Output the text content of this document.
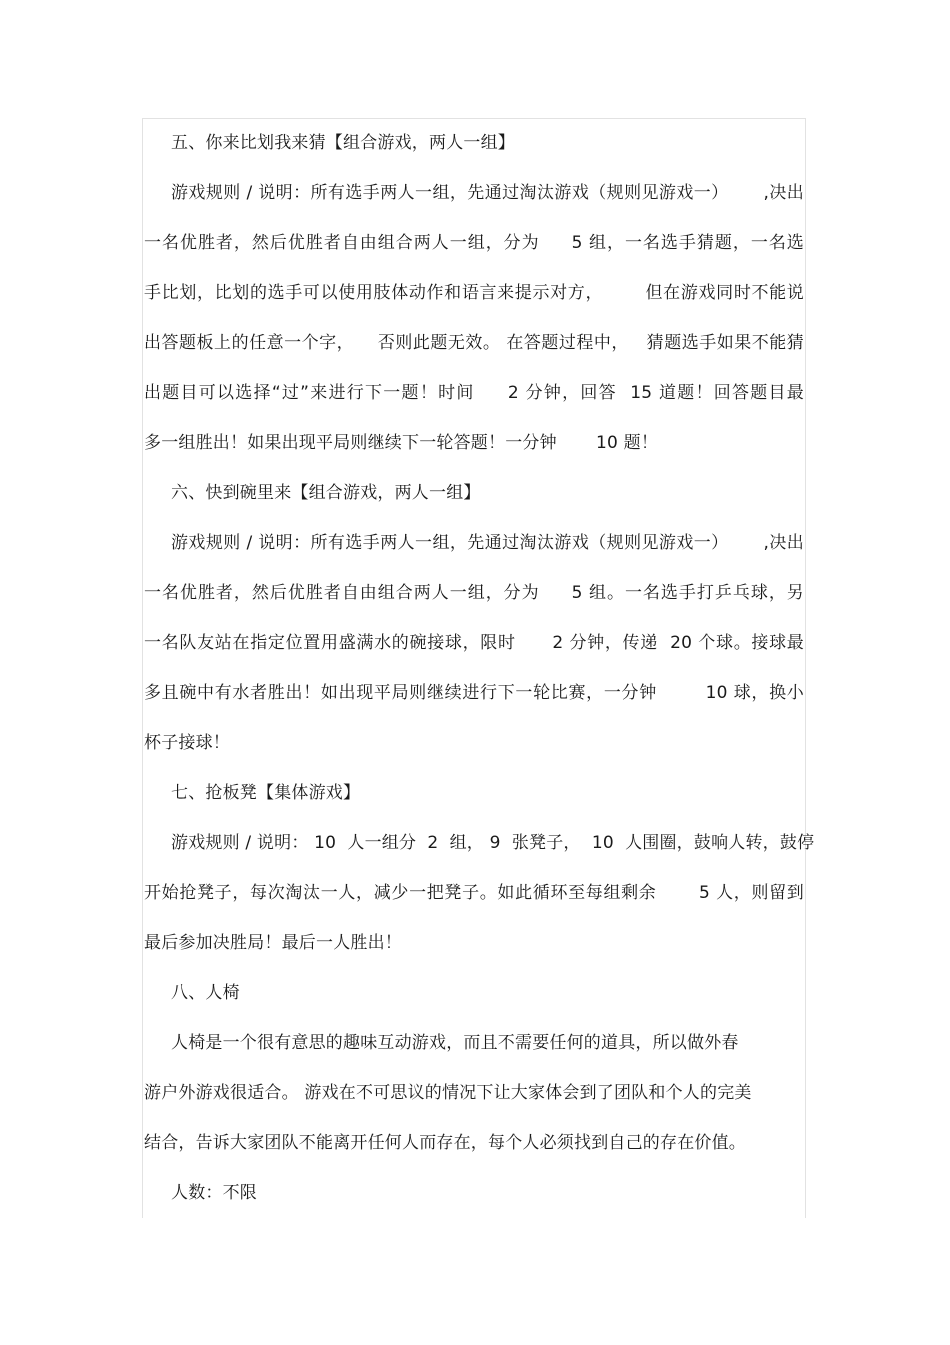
五、你来比划我来猜【组合游戏，两人一组】
游戏规则 / 说明：所有选手两人一组，先通过淘汰游戏（规则见游戏一）      ,决出
一名优胜者，然后优胜者自由组合两人一组，分为     5 组，一名选手猜题，一名选
手比划，比划的选手可以使用肢体动作和语言来提示对方，       但在游戏同时不能说
出答题板上的任意一个字，    否则此题无效。 在答题过程中，   猜题选手如果不能猜
出题目可以选择“过”来进行下一题！时间     2 分钟，回答  15 道题！回答题目最
多一组胜出！如果出现平局则继续下一轮答题！一分钟       10 题！
六、快到碗里来【组合游戏，两人一组】
游戏规则 / 说明：所有选手两人一组，先通过淘汰游戏（规则见游戏一）      ,决出
一名优胜者，然后优胜者自由组合两人一组，分为     5 组。一名选手打乒乓球，另
一名队友站在指定位置用盛满水的碗接球，限时      2 分钟，传递  20 个球。接球最
多且碗中有水者胜出！如出现平局则继续进行下一轮比赛，一分钟        10 球，换小
杯子接球！
七、抢板凳【集体游戏】
游戏规则 / 说明： 10  人一组分  2  组， 9  张凳子，  10  人围圈，鼓响人转，鼓停
开始抢凳子，每次淘汰一人，减少一把凳子。如此循环至每组剩余       5 人，则留到
最后参加决胜局！最后一人胜出！
八、人椅
人椅是一个很有意思的趣味互动游戏，而且不需要任何的道具，所以做外春
游户外游戏很适合。 游戏在不可思议的情况下让大家体会到了团队和个人的完美
结合，告诉大家团队不能离开任何人而存在，每个人必须找到自己的存在价值。
人数：不限
